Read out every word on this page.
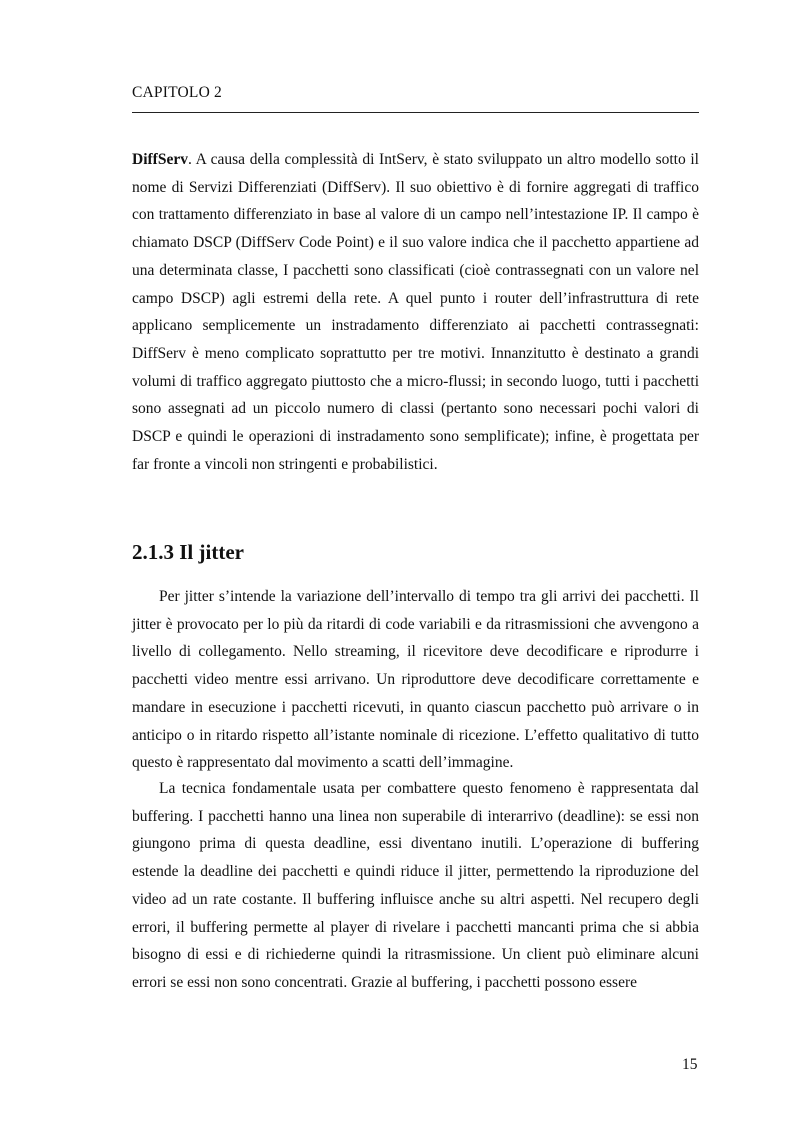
CAPITOLO 2

DiffServ. A causa della complessità di IntServ, è stato sviluppato un altro modello sotto il nome di Servizi Differenziati (DiffServ). Il suo obiettivo è di fornire aggregati di traffico con trattamento differenziato in base al valore di un campo nell’intestazione IP. Il campo è chiamato DSCP (DiffServ Code Point) e il suo valore indica che il pacchetto appartiene ad una determinata classe, I pacchetti sono classificati (cioè contrassegnati con un valore nel campo DSCP) agli estremi della rete. A quel punto i router dell’infrastruttura di rete applicano semplicemente un instradamento differenziato ai pacchetti contrassegnati: DiffServ è meno complicato soprattutto per tre motivi. Innanzitutto è destinato a grandi volumi di traffico aggregato piuttosto che a micro-flussi; in secondo luogo, tutti i pacchetti sono assegnati ad un piccolo numero di classi (pertanto sono necessari pochi valori di DSCP e quindi le operazioni di instradamento sono semplificate); infine, è progettata per far fronte a vincoli non stringenti e probabilistici.

2.1.3 Il jitter

Per jitter s’intende la variazione dell’intervallo di tempo tra gli arrivi dei pacchetti. Il jitter è provocato per lo più da ritardi di code variabili e da ritrasmissioni che avvengono a livello di collegamento. Nello streaming, il ricevitore deve decodificare e riprodurre i pacchetti video mentre essi arrivano. Un riproduttore deve decodificare correttamente e mandare in esecuzione i pacchetti ricevuti, in quanto ciascun pacchetto può arrivare o in anticipo o in ritardo rispetto all’istante nominale di ricezione. L’effetto qualitativo di tutto questo è rappresentato dal movimento a scatti dell’immagine.

La tecnica fondamentale usata per combattere questo fenomeno è rappresentata dal buffering. I pacchetti hanno una linea non superabile di interarrivo (deadline): se essi non giungono prima di questa deadline, essi diventano inutili. L’operazione di buffering estende la deadline dei pacchetti e quindi riduce il jitter, permettendo la riproduzione del video ad un rate costante. Il buffering influisce anche su altri aspetti. Nel recupero degli errori, il buffering permette al player di rivelare i pacchetti mancanti prima che si abbia bisogno di essi e di richiederne quindi la ritrasmissione. Un client può eliminare alcuni errori se essi non sono concentrati. Grazie al buffering, i pacchetti possono essere

15
